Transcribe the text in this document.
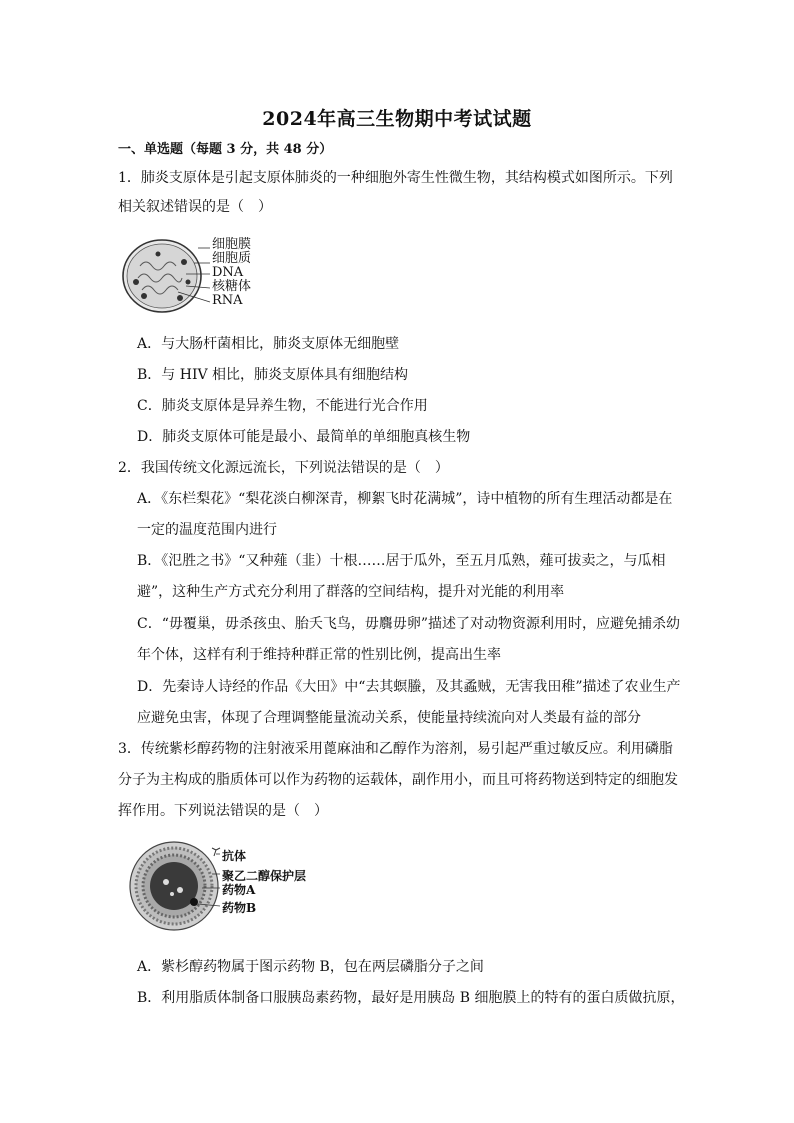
2024年高三生物期中考试试题
一、单选题（每题 3 分，共 48 分）
1．肺炎支原体是引起支原体肺炎的一种细胞外寄生性微生物，其结构模式如图所示。下列
相关叙述错误的是（　）
细胞膜
细胞质
DNA
核糖体
RNA
A．与大肠杆菌相比，肺炎支原体无细胞壁
B．与 HIV 相比，肺炎支原体具有细胞结构
C．肺炎支原体是异养生物，不能进行光合作用
D．肺炎支原体可能是最小、最简单的单细胞真核生物
2．我国传统文化源远流长，下列说法错误的是（　）
A．《东栏梨花》“梨花淡白柳深青，柳絮飞时花满城”，诗中植物的所有生理活动都是在
一定的温度范围内进行
B．《氾胜之书》“又种薤（韭）十根……居于瓜外，至五月瓜熟，薤可拔卖之，与瓜相
避”，这种生产方式充分利用了群落的空间结构，提升对光能的利用率
C．“毋覆巢，毋杀孩虫、胎夭飞鸟，毋麛毋卵”描述了对动物资源利用时，应避免捕杀幼
年个体，这样有利于维持种群正常的性别比例，提高出生率
D．先秦诗人诗经的作品《大田》中“去其螟螣，及其蟊贼，无害我田稚”描述了农业生产
应避免虫害，体现了合理调整能量流动关系，使能量持续流向对人类最有益的部分
3．传统紫杉醇药物的注射液采用蓖麻油和乙醇作为溶剂，易引起严重过敏反应。利用磷脂
分子为主构成的脂质体可以作为药物的运载体，副作用小，而且可将药物送到特定的细胞发
挥作用。下列说法错误的是（　）
抗体
聚乙二醇保护层
药物A
药物B
A．紫杉醇药物属于图示药物 B，包在两层磷脂分子之间
B．利用脂质体制备口服胰岛素药物，最好是用胰岛 B 细胞膜上的特有的蛋白质做抗原，
